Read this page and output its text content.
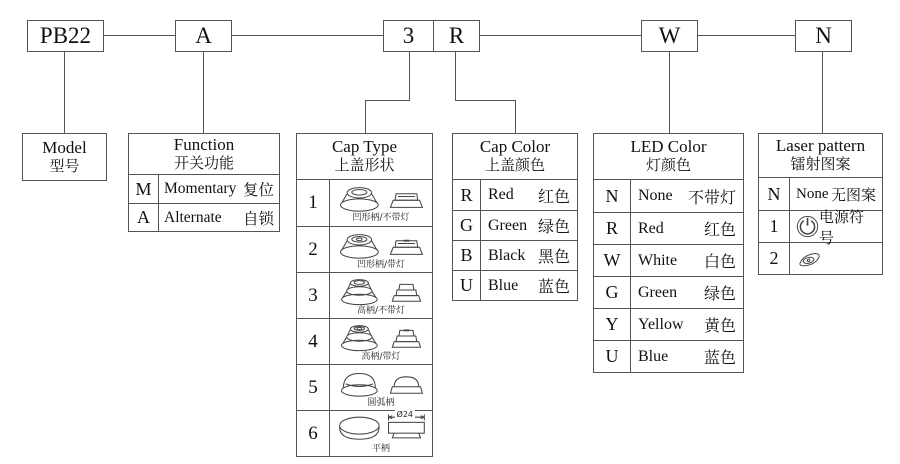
PB22	A	3	R	W	N
Model
型号
Function
开关功能
M Momentary 复位
A Alternate 自锁
Cap Type
上盖形状
1
凹形柄/不带灯
2
凹形柄/带灯
3
高柄/不带灯
4
高柄/带灯
5
圆弧柄
6
Ø24
平柄
Cap Color
上盖颜色
R Red 红色
G Green 绿色
B Black 黑色
U Blue 蓝色
LED Color
灯颜色
N	None 不带灯
R	Red	红色
W	White 白色
G	Green 绿色
Y	Yellow 黄色
U	Blue 蓝色
Laser pattern
镭射图案
N	None 无图案
1	电源符号
2
